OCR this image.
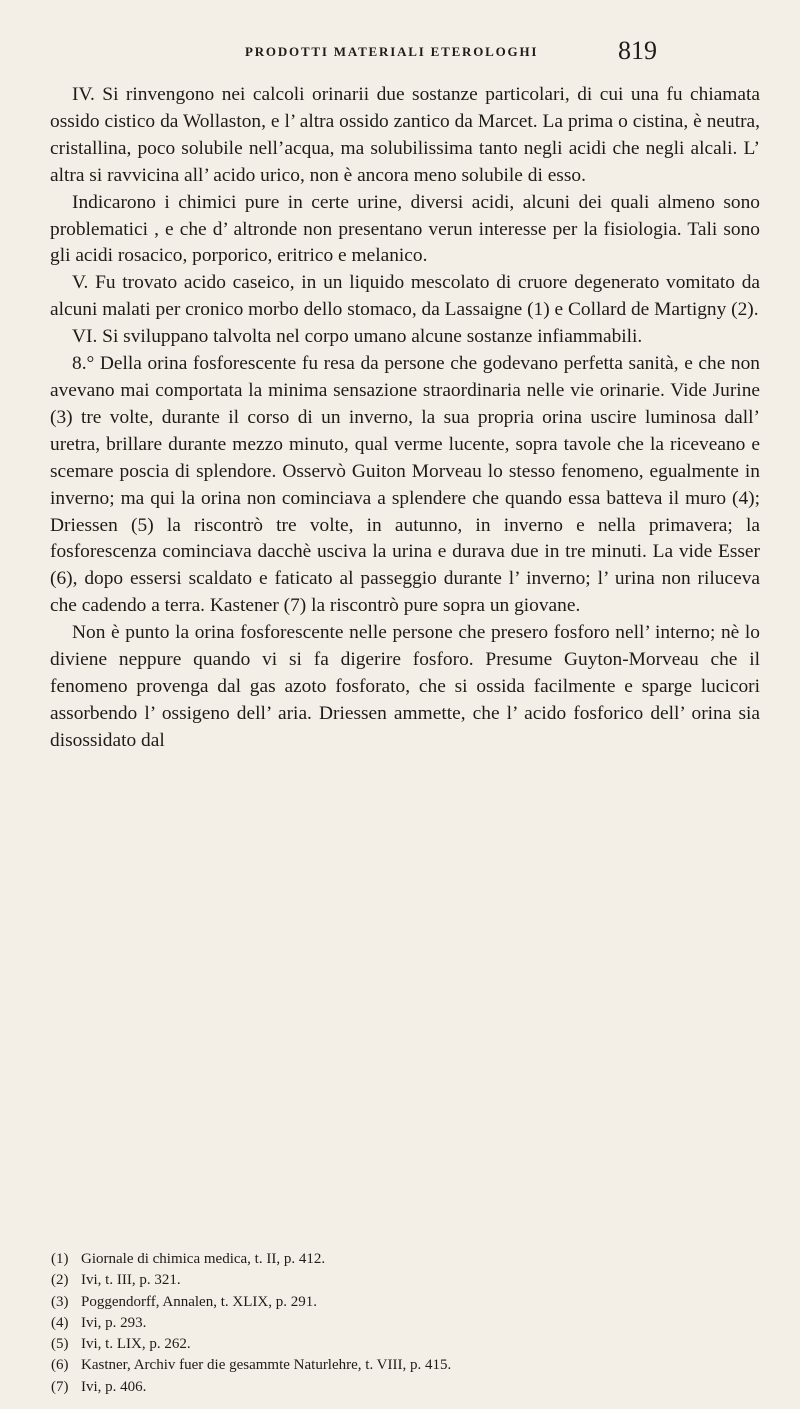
PRODOTTI MATERIALI ETEROLOGHI	819

IV. Si rinvengono nei calcoli orinarii due sostanze particolari, di cui una fu chiamata ossido cistico da Wollaston, e l’ altra ossido zantico da Marcet. La prima o cistina, è neutra, cristallina, poco solubile nell’acqua, ma solubilissima tanto negli acidi che negli alcali. L’ altra si ravvicina all’ acido urico, non è ancora meno solubile di esso.

Indicarono i chimici pure in certe urine, diversi acidi, alcuni dei quali almeno sono problematici , e che d’ altronde non presentano verun interesse per la fisiologia. Tali sono gli acidi rosacico, porporico, eritrico e melanico.

V. Fu trovato acido caseico, in un liquido mescolato di cruore degenerato vomitato da alcuni malati per cronico morbo dello stomaco, da Lassaigne (1) e Collard de Martigny (2).

VI. Si sviluppano talvolta nel corpo umano alcune sostanze infiammabili.

8.° Della orina fosforescente fu resa da persone che godevano perfetta sanità, e che non avevano mai comportata la minima sensazione straordinaria nelle vie orinarie. Vide Jurine (3) tre volte, durante il corso di un inverno, la sua propria orina uscire luminosa dall’ uretra, brillare durante mezzo minuto, qual verme lucente, sopra tavole che la riceveano e scemare poscia di splendore. Osservò Guiton Morveau lo stesso fenomeno, egualmente in inverno; ma qui la orina non cominciava a splendere che quando essa batteva il muro (4); Driessen (5) la riscontrò tre volte, in autunno, in inverno e nella primavera; la fosforescenza cominciava dacchè usciva la urina e durava due in tre minuti. La vide Esser (6), dopo essersi scaldato e faticato al passeggio durante l’ inverno; l’ urina non riluceva che cadendo a terra. Kastener (7) la riscontrò pure sopra un giovane.

Non è punto la orina fosforescente nelle persone che presero fosforo nell’ interno; nè lo diviene neppure quando vi si fa digerire fosforo. Presume Guyton-Morveau che il fenomeno provenga dal gas azoto fosforato, che si ossida facilmente e sparge lucicori assorbendo l’ ossigeno dell’ aria. Driessen ammette, che l’ acido fosforico dell’ orina sia disossidato dal

(1) Giornale di chimica medica, t. II, p. 412.
(2) Ivi, t. III, p. 321.
(3) Poggendorff, Annalen, t. XLIX, p. 291.
(4) Ivi, p. 293.
(5) Ivi, t. LIX, p. 262.
(6) Kastner, Archiv fuer die gesammte Naturlehre, t. VIII, p. 415.
(7) Ivi, p. 406.
